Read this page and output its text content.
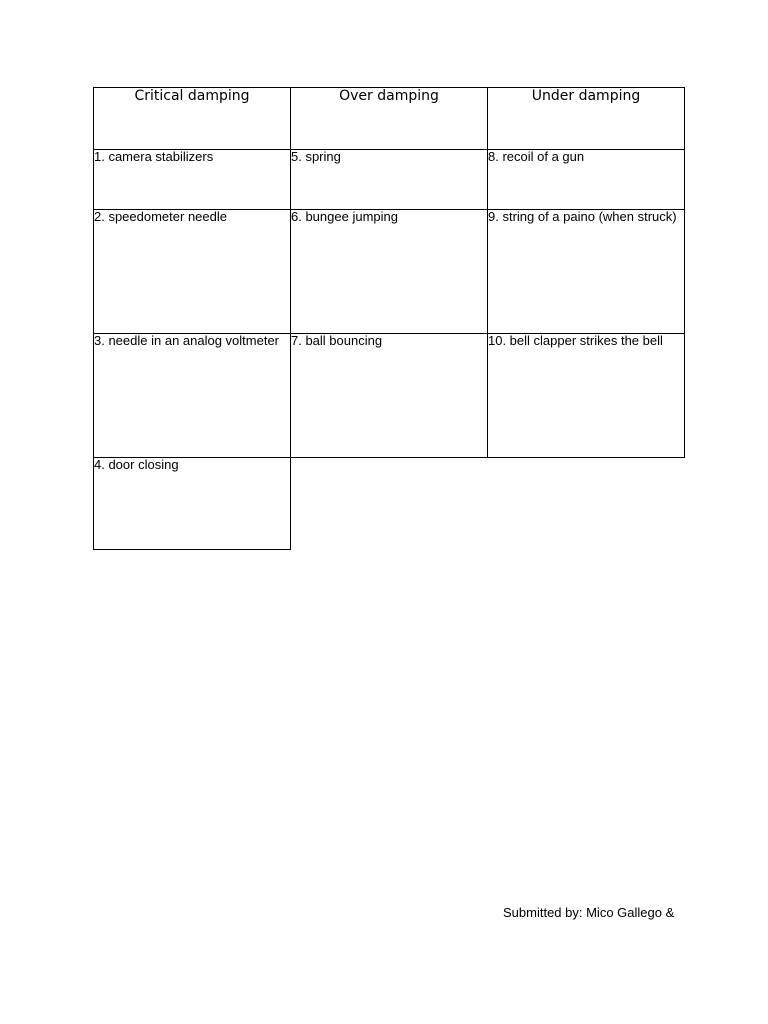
Critical damping	Over damping	Under damping

1. camera stabilizers	5. spring	8. recoil of a gun

2. speedometer needle	6. bungee jumping	9. string of a paino (when struck)

3. needle in an analog voltmeter	7. ball bouncing	10. bell clapper strikes the bell

4. door closing		

Submitted by: Mico Gallego &
